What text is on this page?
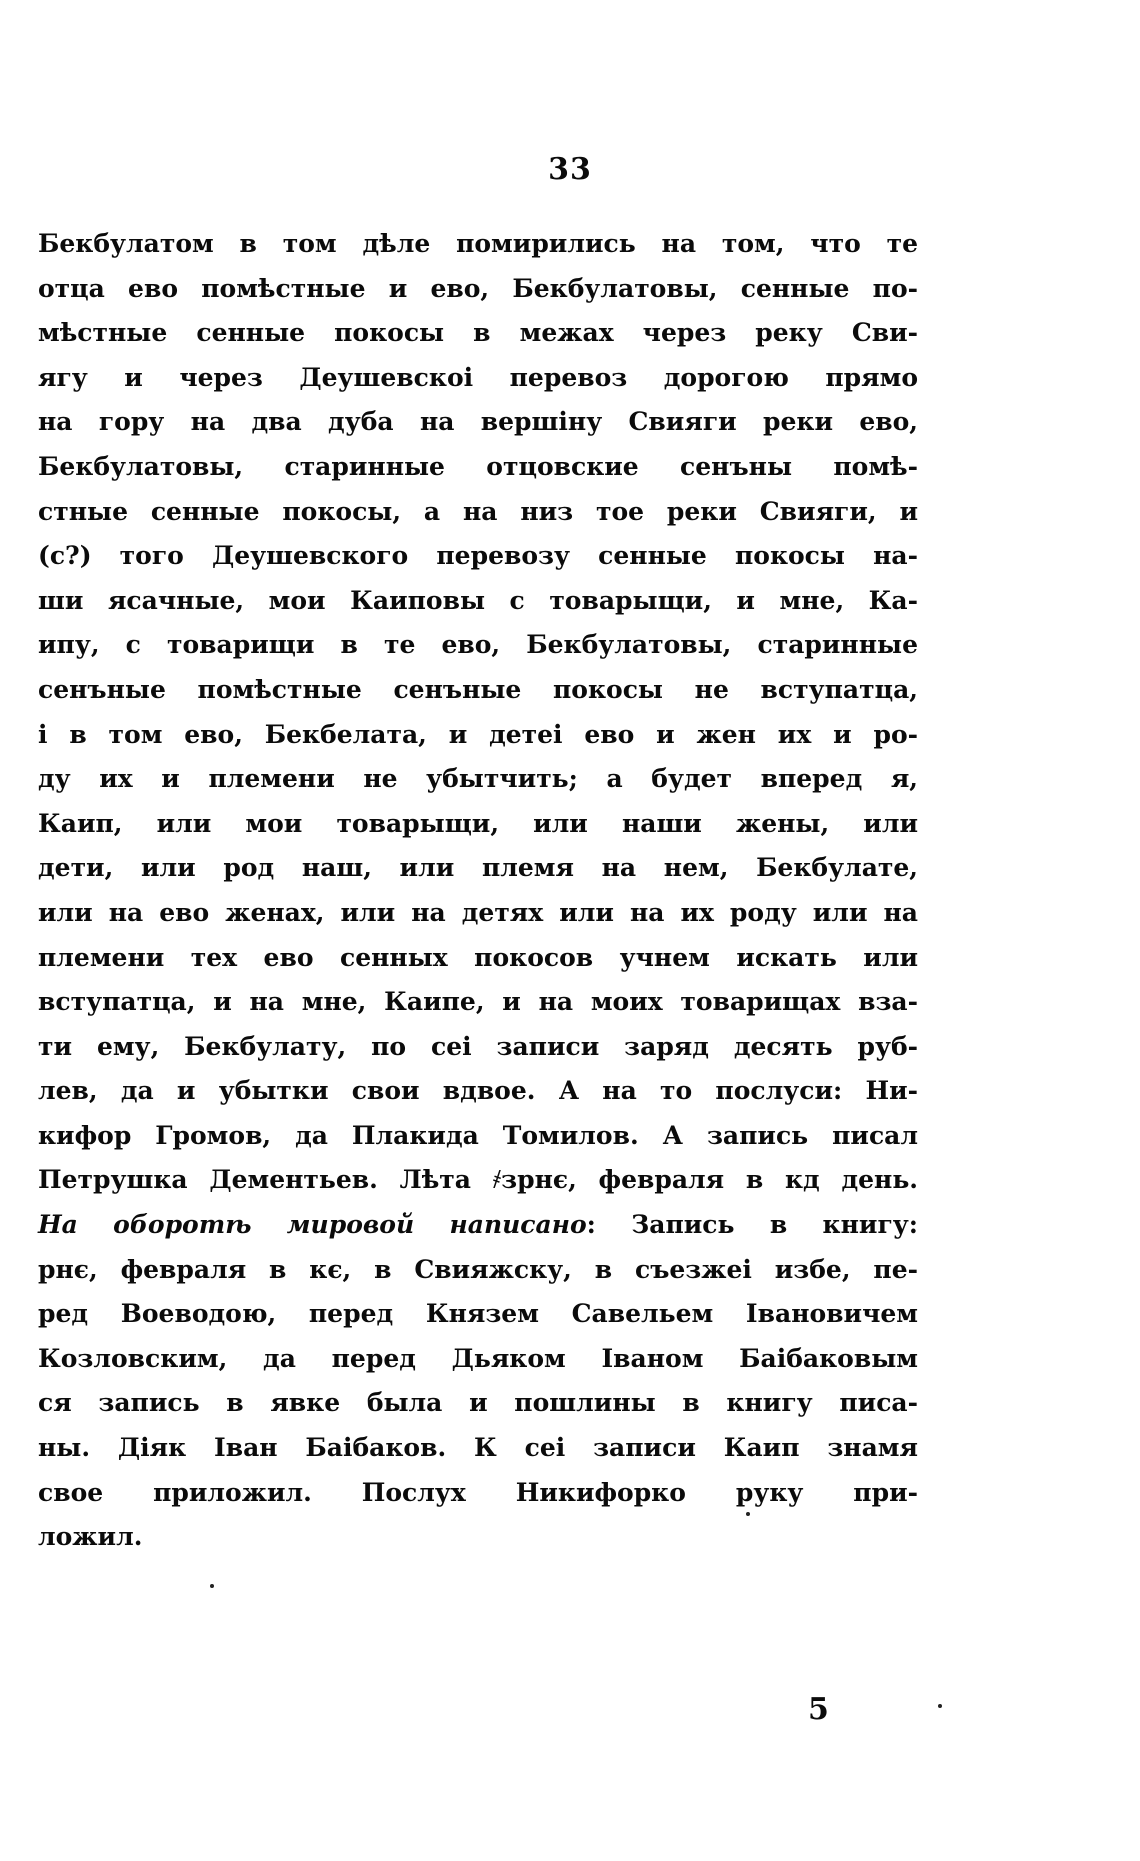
33
Бекбулатом в том дѣле помирились на том, что те
отца ево помѣстные и ево, Бекбулатовы, сенные по-
мѣстные сенные покосы в межах через реку Сви-
ягу и через Деушевскоі перевоз дорогою прямо
на гору на два дуба на вершіну Свияги реки ево,
Бекбулатовы, старинные отцовские сенъны помѣ-
стные сенные покосы, а на низ тое реки Свияги, и
(с?) того Деушевского перевозу сенные покосы на-
ши ясачные, мои Каиповы с товарыщи, и мне, Ка-
ипу, с товарищи в те ево, Бекбулатовы, старинные
сенъные помѣстные сенъные покосы не вступатца,
і в том ево, Бекбелата, и детеі ево и жен их и ро-
ду их и племени не убытчить; а будет вперед я,
Каип, или мои товарыщи, или наши жены, или
дети, или род наш, или племя на нем, Бекбулате,
или на ево женах, или на детях или на их роду или на
племени тех ево сенных покосов учнем искать или
вступатца, и на мне, Каипе, и на моих товарищах вза-
ти ему, Бекбулату, по сеі записи заряд десять руб-
лев, да и убытки свои вдвое. А на то послуси: Ни-
кифор Громов, да Плакида Томилов. А запись писал
Петрушка Дементьев. Лѣта ҂зрнє, февраля в кд день.
На оборотѣ мировой написано: Запись в книгу:
рнє, февраля в кє, в Свияжску, в съезжеі избе, пе-
ред Воеводою, перед Князем Савельем Івановичем
Козловским, да перед Дьяком Іваном Баібаковым
ся запись в явке была и пошлины в книгу писа-
ны. Діяк Іван Баібаков. К сеі записи Каип знамя
свое приложил. Послух Никифорко руку при-
ложил.
5
